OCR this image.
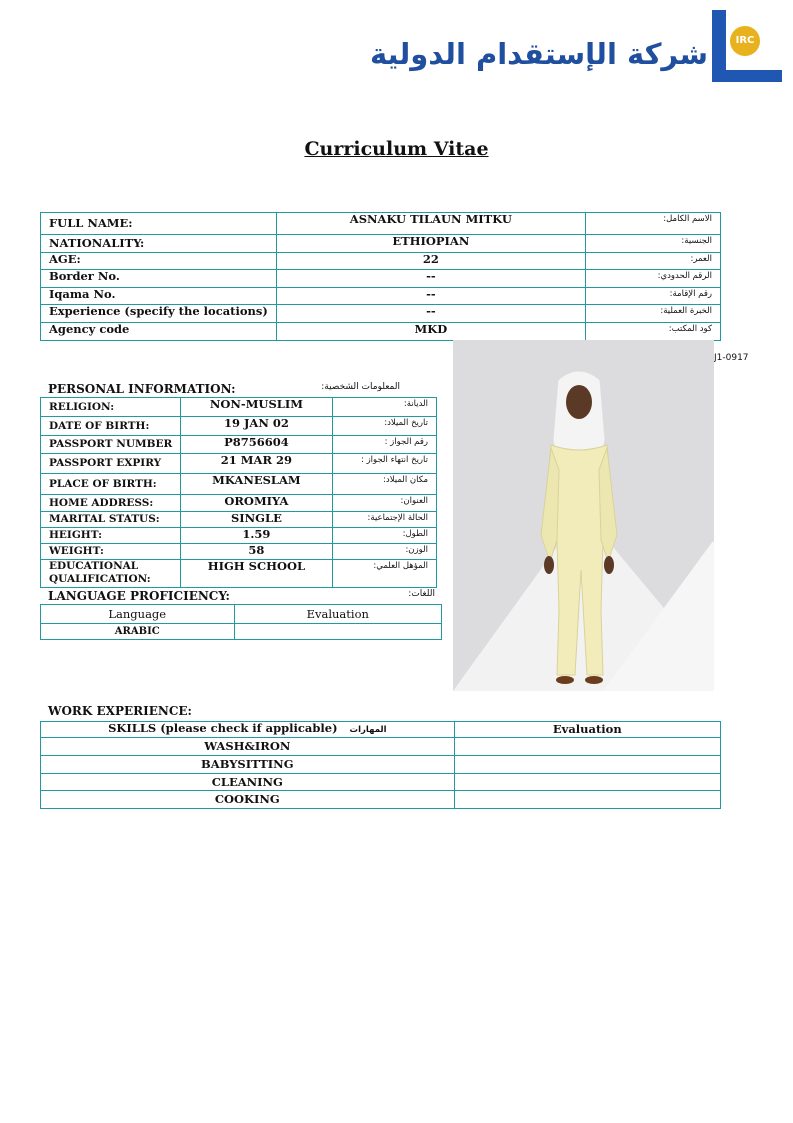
شركة الإستقدام الدولية	IRC
Curriculum Vitae
FULL NAME:	ASNAKU TILAUN MITKU	الاسم الكامل:
NATIONALITY:	ETHIOPIAN	الجنسية:
AGE:	22	العمر:
Border No.	--	الرقم الحدودي:
Iqama No.	--	رقم الإقامة:
Experience (specify the locations)	--	الخبرة العملية:
Agency code	MKD	كود المكتب:
J1-0917
PERSONAL INFORMATION:	المعلومات الشخصية:
RELIGION:	NON-MUSLIM	الديانة:
DATE OF BIRTH:	19 JAN 02	تاريخ الميلاد:
PASSPORT NUMBER	P8756604	رقم الجواز :
PASSPORT EXPIRY	21 MAR 29	تاريخ انتهاء الجواز :
PLACE OF BIRTH:	MKANESLAM	مكان الميلاد:
HOME ADDRESS:	OROMIYA	العنوان:
MARITAL STATUS:	SINGLE	الحالة الإجتماعية:
HEIGHT:	1.59	الطول:
WEIGHT:	58	الوزن:

EDUCATIONAL
QUALIFICATION:	HIGH SCHOOL	المؤهل العلمي:
LANGUAGE PROFICIENCY:	اللغات:
Language	Evaluation
ARABIC	
WORK EXPERIENCE:
SKILLS (please check if applicable) المهارات	Evaluation
WASH&IRON	
BABYSITTING	
CLEANING	
COOKING	
